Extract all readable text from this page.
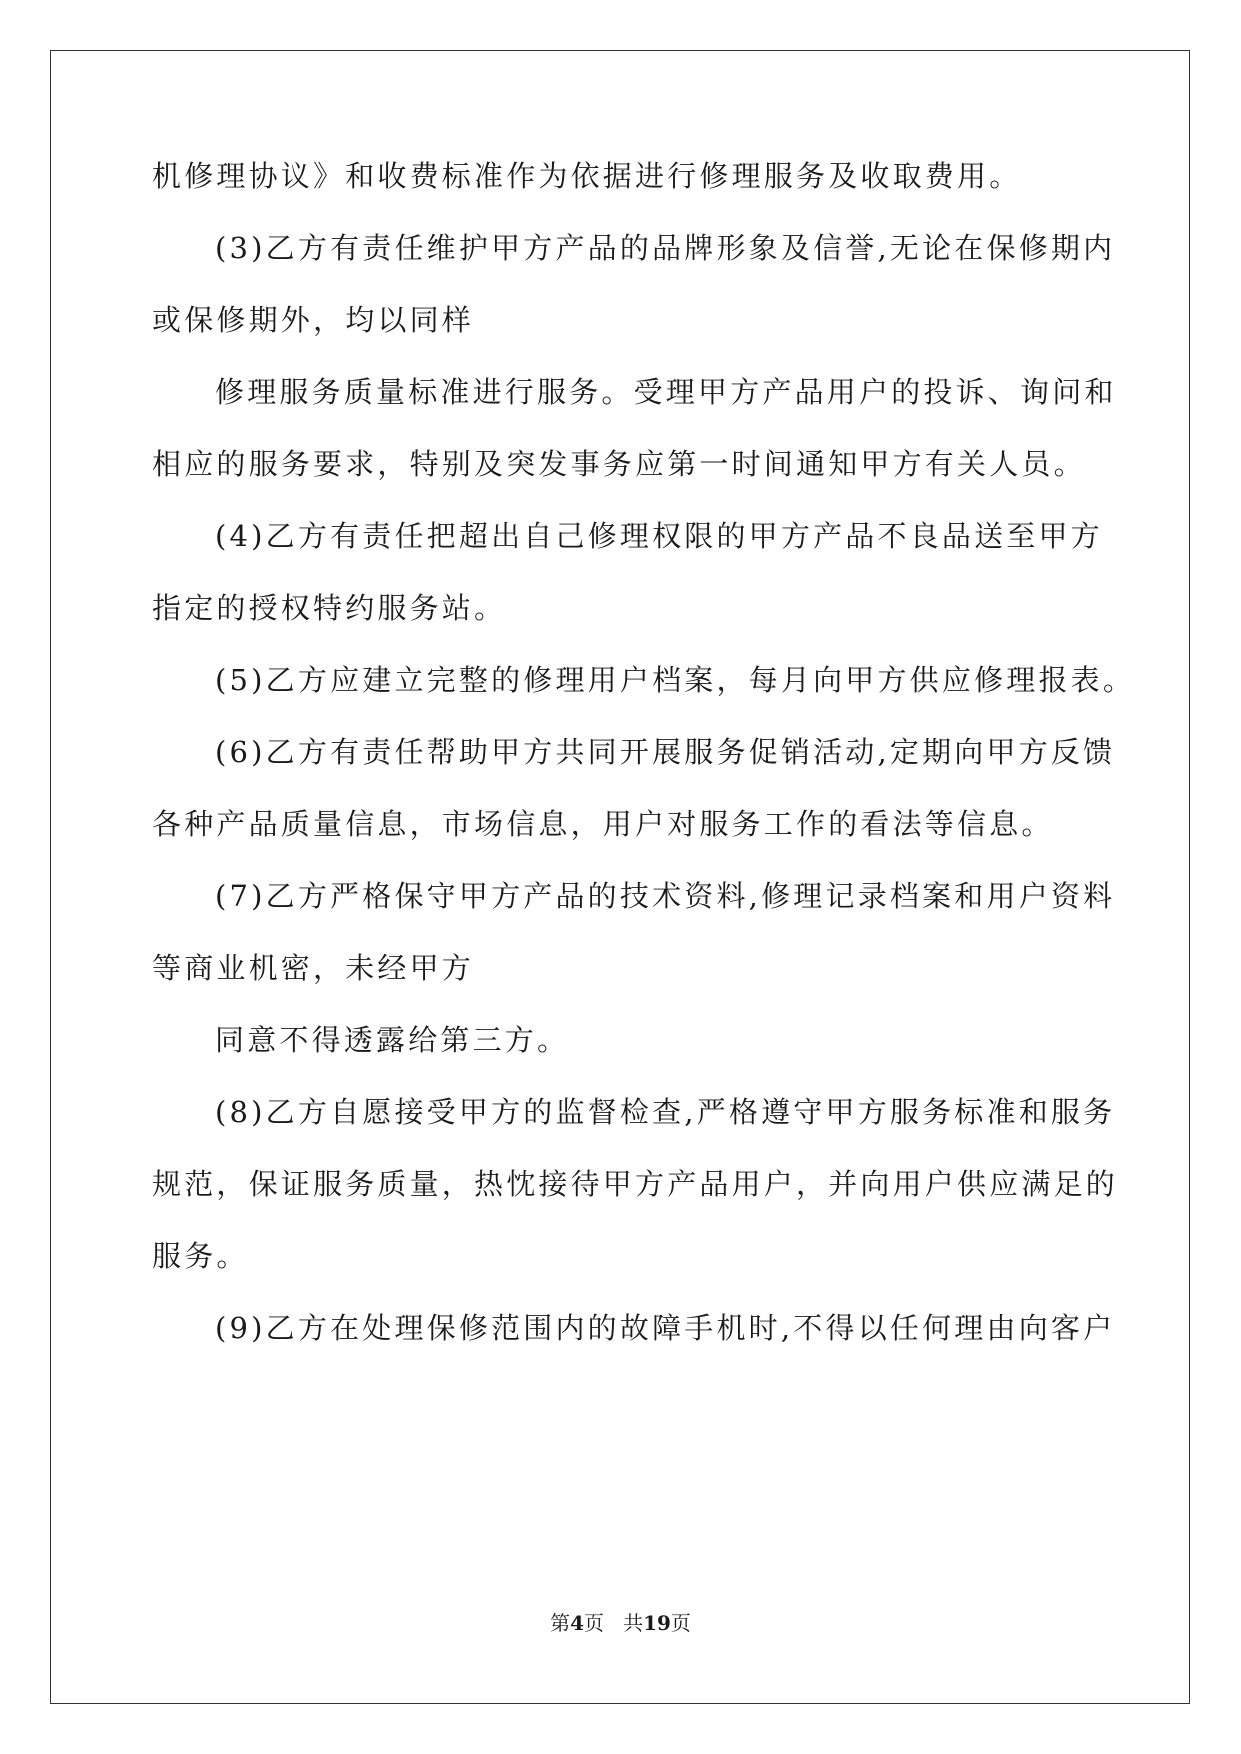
机修理协议》和收费标准作为依据进行修理服务及收取费用。
(3)乙方有责任维护甲方产品的品牌形象及信誉,无论在保修期内
或保修期外，均以同样
修理服务质量标准进行服务。受理甲方产品用户的投诉、询问和
相应的服务要求，特别及突发事务应第一时间通知甲方有关人员。
(4)乙方有责任把超出自己修理权限的甲方产品不良品送至甲方
指定的授权特约服务站。
(5)乙方应建立完整的修理用户档案，每月向甲方供应修理报表。
(6)乙方有责任帮助甲方共同开展服务促销活动,定期向甲方反馈
各种产品质量信息，市场信息，用户对服务工作的看法等信息。
(7)乙方严格保守甲方产品的技术资料,修理记录档案和用户资料
等商业机密，未经甲方
同意不得透露给第三方。
(8)乙方自愿接受甲方的监督检查,严格遵守甲方服务标准和服务
规范，保证服务质量，热忱接待甲方产品用户，并向用户供应满足的
服务。
(9)乙方在处理保修范围内的故障手机时,不得以任何理由向客户
第4页 共19页
